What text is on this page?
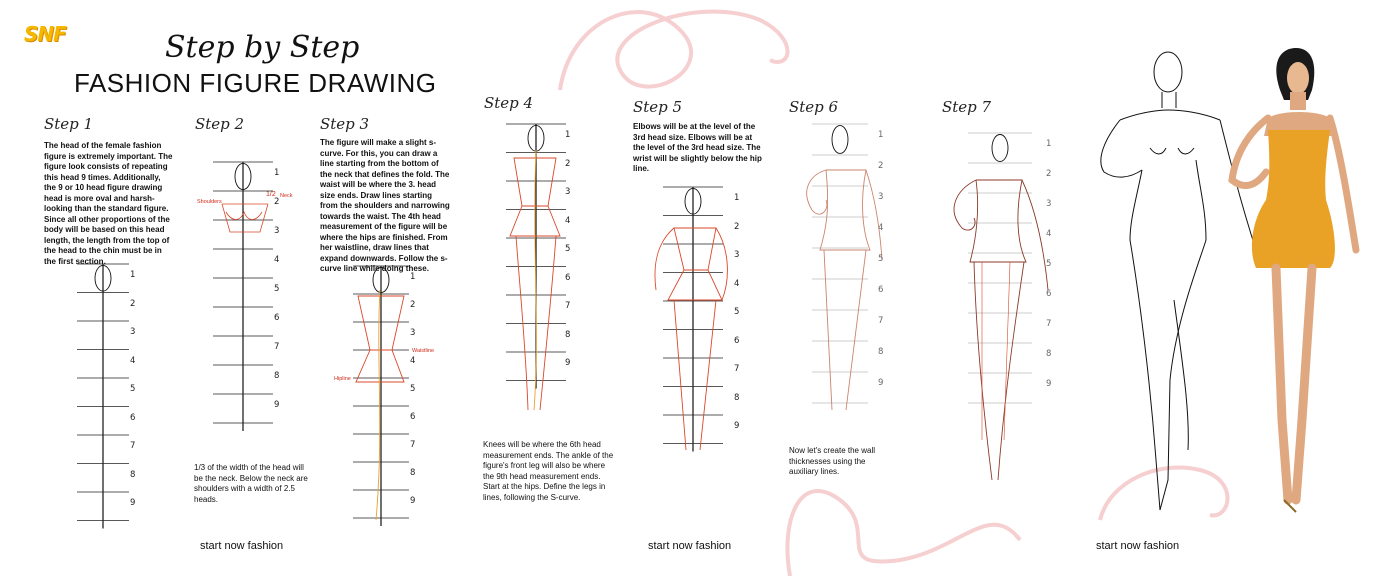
SNF	Step by Step
FASHION FIGURE DRAWING
Step 1	Step 2	Step 3
Step 4	Step 5	Step 6	Step 7
The head of the female fashion figure is extremely important. The figure look consists of repeating this head 9 times. Additionally, the 9 or 10 head figure drawing head is more oval and harsh-looking than the standard figure. Since all other proportions of the body will be based on this head length, the length from the top of the head to the chin must be in the first section.
1/3 of the width of the head will be the neck. Below the neck are shoulders with a width of 2.5 heads.
The figure will make a slight s-curve. For this, you can draw a line starting from the bottom of the neck that defines the fold. The waist will be where the 3. head size ends. Draw lines starting from the shoulders and narrowing towards the waist. The 4th head measurement of the figure will be where the hips are finished. From her waistline, draw lines that expand downwards. Follow the s-curve line while doing these.
Knees will be where the 6th head measurement ends. The ankle of the figure's front leg will also be where the 9th head measurement ends. Start at the hips. Define the legs in lines, following the S-curve.
Elbows will be at the level of the 3rd head size. Elbows will be at the level of the 3rd head size. The wrist will be slightly below the hip line.
Now let's create the wall thicknesses using the auxiliary lines.
start now fashion	start now fashion	start now fashion
1/2 Neck
Shoulders
Waistline
Hipline
1
2
3
4
5
6
7
8
9
1
2
3
4
5
6
7
8
9
1
2
3
4
5
6
7
8
9
1
2
3
4
5
6
7
8
9
1
2
3
4
5
6
7
8
9
1
2
3
4
5
6
7
8
9
1
2
3
4
5
6
7
8
9
